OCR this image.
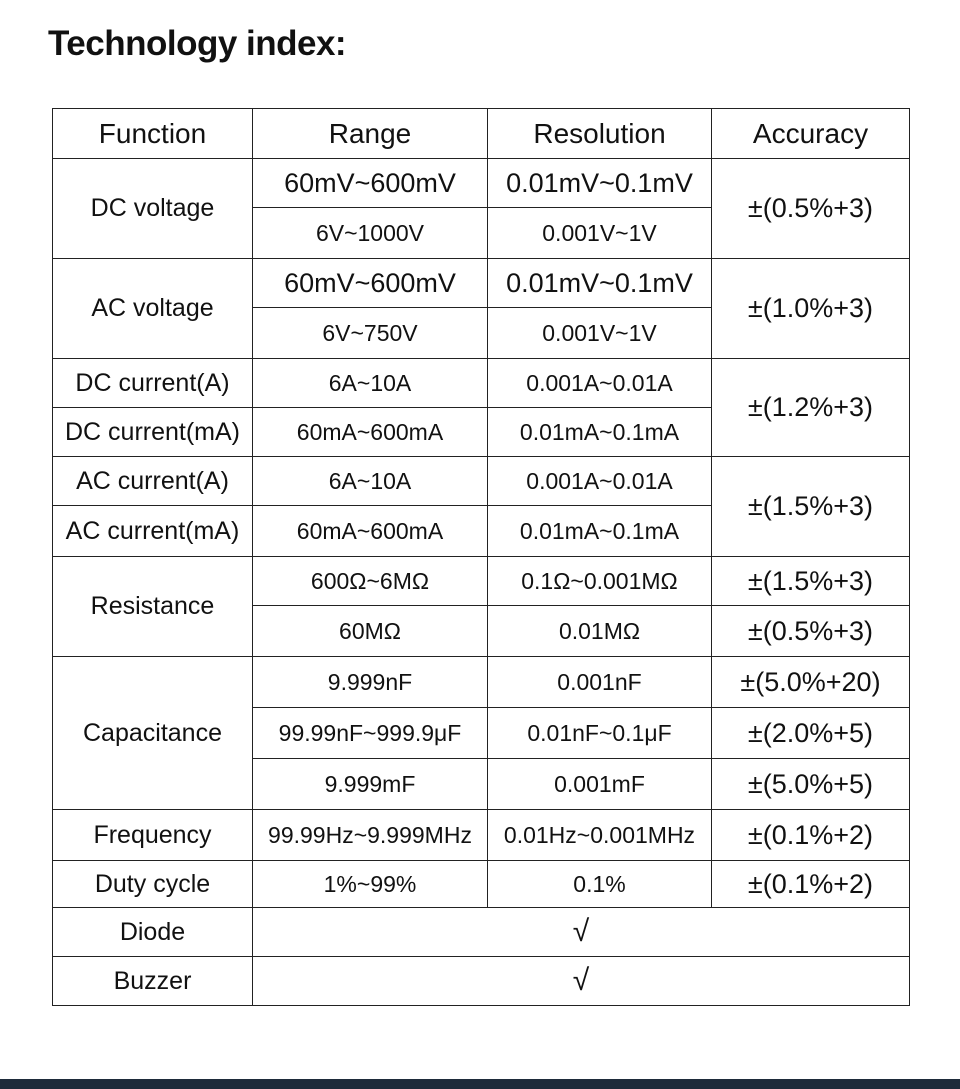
Technology index:
Function	Range	Resolution	Accuracy
DC voltage	60mV~600mV	0.01mV~0.1mV	±(0.5%+3)
	6V~1000V	0.001V~1V	
AC voltage	60mV~600mV	0.01mV~0.1mV	±(1.0%+3)
	6V~750V	0.001V~1V	
DC current(A)	6A~10A	0.001A~0.01A	±(1.2%+3)
DC current(mA)	60mA~600mA	0.01mA~0.1mA	
AC current(A)	6A~10A	0.001A~0.01A	±(1.5%+3)
AC current(mA)	60mA~600mA	0.01mA~0.1mA	
Resistance	600Ω~6MΩ	0.1Ω~0.001MΩ	±(1.5%+3)
	60MΩ	0.01MΩ	±(0.5%+3)
Capacitance	9.999nF	0.001nF	±(5.0%+20)
	99.99nF~999.9μF	0.01nF~0.1μF	±(2.0%+5)
	9.999mF	0.001mF	±(5.0%+5)
Frequency	99.99Hz~9.999MHz	0.01Hz~0.001MHz	±(0.1%+2)
Duty cycle	1%~99%	0.1%	±(0.1%+2)
Diode	√		
Buzzer	√		
